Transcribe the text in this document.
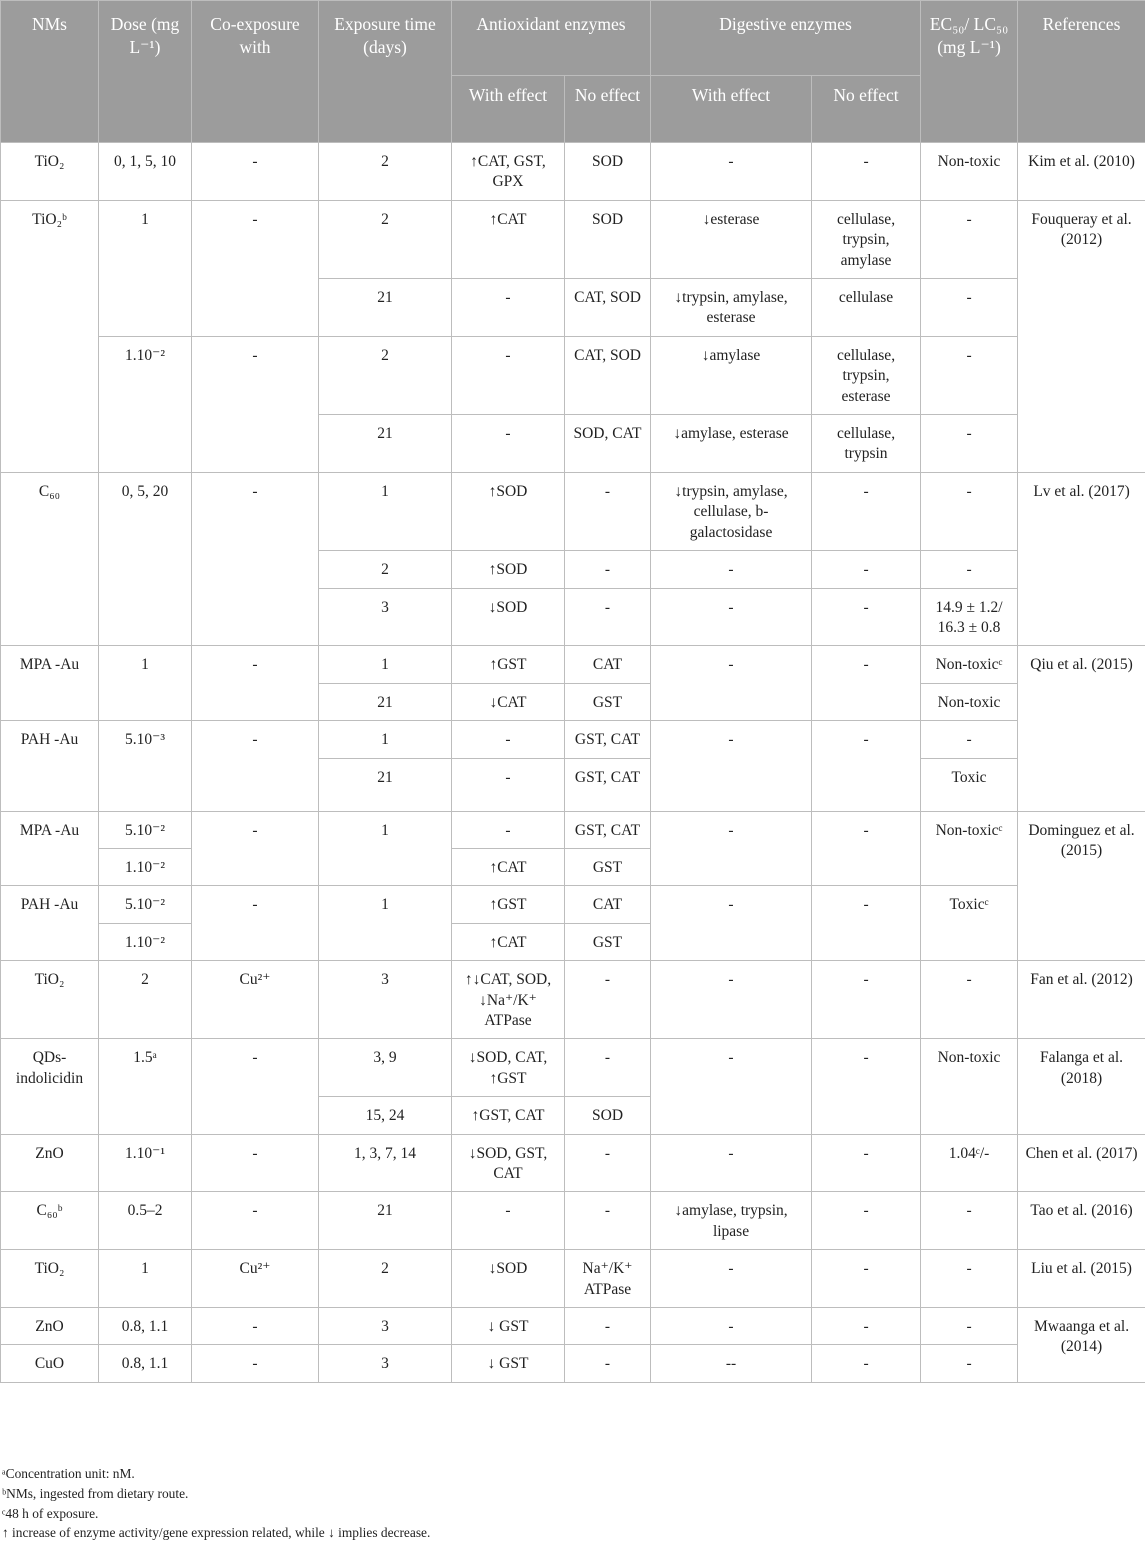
NMs	Dose (mg L⁻¹)	Co-exposure with	Exposure time (days)	Antioxidant enzymes		Digestive enzymes		EC₅₀/ LC₅₀ (mg L⁻¹)	References
				With effect	No effect	With effect	No effect		
TiO₂	0, 1, 5, 10	-	2	↑CAT, GST, GPX	SOD	-	-	Non-toxic	Kim et al. (2010)
TiO₂ᵇ	1	-	2	↑CAT	SOD	↓esterase	cellulase, trypsin, amylase	-	Fouqueray et al. (2012)
			21	-	CAT, SOD	↓trypsin, amylase, esterase	cellulase	-	
	1.10⁻²	-	2	-	CAT, SOD	↓amylase	cellulase, trypsin, esterase	-	
			21	-	SOD, CAT	↓amylase, esterase	cellulase, trypsin	-	
C₆₀	0, 5, 20	-	1	↑SOD	-	↓trypsin, amylase, cellulase, b-galactosidase	-	-	Lv et al. (2017)
			2	↑SOD	-	-	-	-	
			3	↓SOD	-	-	-	14.9 ± 1.2/ 16.3 ± 0.8	
MPA -Au	1	-	1	↑GST	CAT	-	-	Non-toxicᶜ	Qiu et al. (2015)
			21	↓CAT	GST			Non-toxic	
PAH -Au	5.10⁻³	-	1	-	GST, CAT	-	-	-	
			21	-	GST, CAT			Toxic	
MPA -Au	5.10⁻²	-	1	-	GST, CAT	-	-	Non-toxicᶜ	Dominguez et al. (2015)
	1.10⁻²			↑CAT	GST				
PAH -Au	5.10⁻²	-	1	↑GST	CAT	-	-	Toxicᶜ	
	1.10⁻²			↑CAT	GST				
TiO₂	2	Cu²⁺	3	↑↓CAT, SOD, ↓Na⁺/K⁺ ATPase	-	-	-	-	Fan et al. (2012)
QDs-indolicidin	1.5ᵃ	-	3, 9	↓SOD, CAT, ↑GST	-	-	-	Non-toxic	Falanga et al. (2018)
			15, 24	↑GST, CAT	SOD				
ZnO	1.10⁻¹	-	1, 3, 7, 14	↓SOD, GST, CAT	-	-	-	1.04ᶜ/-	Chen et al. (2017)
C₆₀ᵇ	0.5–2	-	21	-	-	↓amylase, trypsin, lipase	-	-	Tao et al. (2016)
TiO₂	1	Cu²⁺	2	↓SOD	Na⁺/K⁺ ATPase	-	-	-	Liu et al. (2015)
ZnO	0.8, 1.1	-	3	↓ GST	-	-	-	-	Mwaanga et al. (2014)
CuO	0.8, 1.1	-	3	↓ GST	-	--	-	-	
ᵃConcentration unit: nM.
ᵇNMs, ingested from dietary route.
ᶜ48 h of exposure.
↑ increase of enzyme activity/gene expression related, while ↓ implies decrease.
